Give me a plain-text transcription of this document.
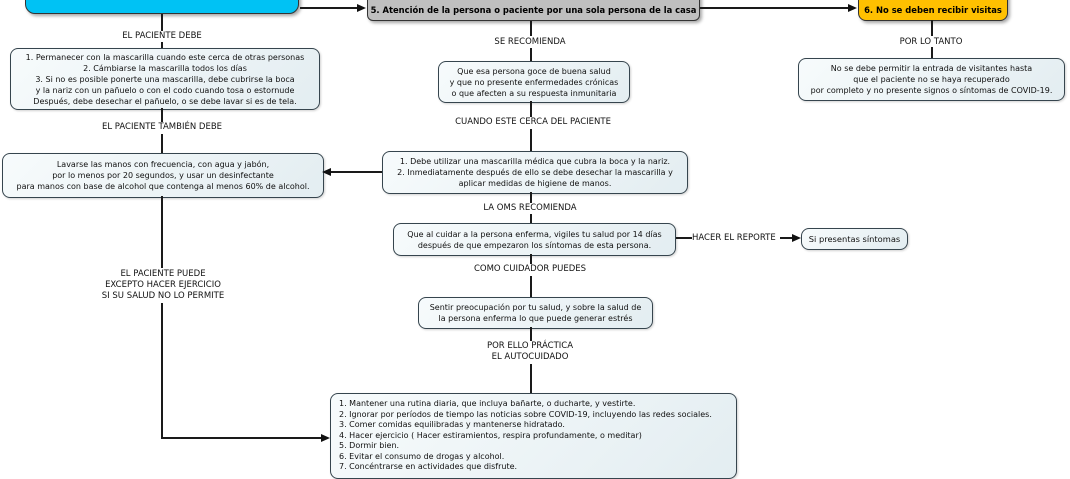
5. Atención de la persona o paciente por una sola persona de la casa	6. No se deben recibir visitas
EL PACIENTE DEBE
1. Permanecer con la mascarilla cuando este cerca de otras personas
2. Cámbiarse la mascarilla todos los días
3. Si no es posible ponerte una mascarilla, debe cubrirse la boca
y la nariz con un pañuelo o con el codo cuando tosa o estornude
Después, debe desechar el pañuelo, o se debe lavar si es de tela.
EL PACIENTE TAMBIÉN DEBE
Lavarse las manos con frecuencia, con agua y jabón,
por lo menos por 20 segundos, y usar un desinfectante
para manos con base de alcohol que contenga al menos 60% de alcohol.
EL PACIENTE PUEDE
EXCEPTO HACER EJERCICIO
SI SU SALUD NO LO PERMITE
SE RECOMIENDA
Que esa persona goce de buena salud
y que no presente enfermedades crónicas
o que afecten a su respuesta inmunitaria
CUANDO ESTE CERCA DEL PACIENTE
1. Debe utilizar una mascarilla médica que cubra la boca y la nariz.
2. Inmediatamente después de ello se debe desechar la mascarilla y
aplicar medidas de higiene de manos.
LA OMS RECOMIENDA
Que al cuidar a la persona enferma, vigiles tu salud por 14 días
después de que empezaron los síntomas de esta persona.
HACER EL REPORTE	Si presentas síntomas
COMO CUIDADOR PUEDES
Sentir preocupación por tu salud, y sobre la salud de
la persona enferma lo que puede generar estrés
POR ELLO PRÁCTICA
EL AUTOCUIDADO
1. Mantener una rutina diaria, que incluya bañarte, o ducharte, y vestirte.
2. Ignorar por períodos de tiempo las noticias sobre COVID-19, incluyendo las redes sociales.
3. Comer comidas equilibradas y mantenerse hidratado.
4. Hacer ejercicio ( Hacer estiramientos, respira profundamente, o meditar)
5. Dormir bien.
6. Evitar el consumo de drogas y alcohol.
7. Concéntrarse en actividades que disfrute.
POR LO TANTO
No se debe permitir la entrada de visitantes hasta
que el paciente no se haya recuperado
por completo y no presente signos o síntomas de COVID-19.
